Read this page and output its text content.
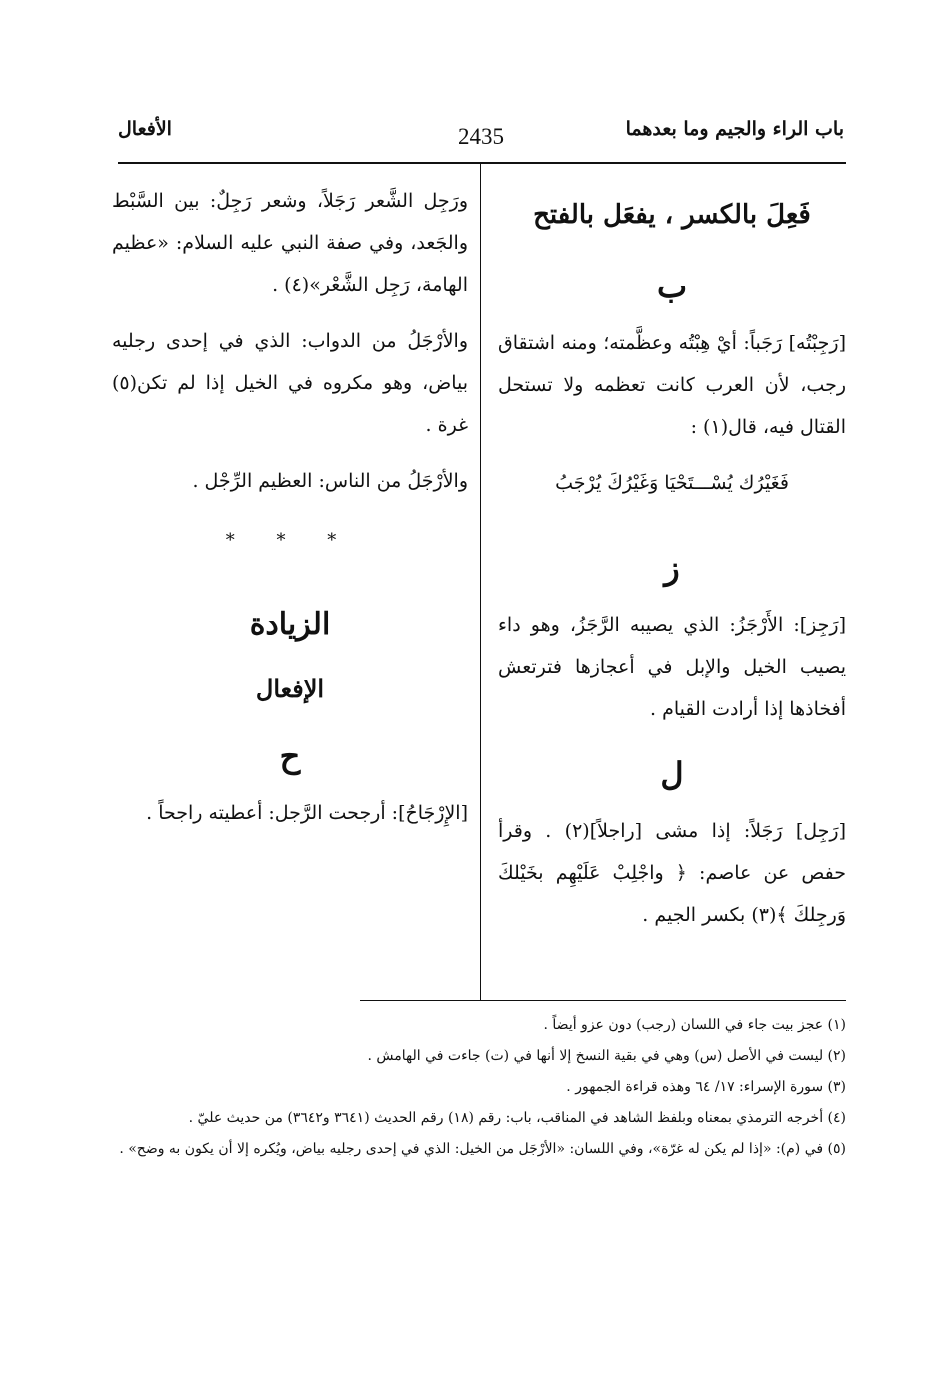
باب الراء والجيم وما بعدهما
2435
الأفعال

فَعِلَ بالكسر ، يفعَل بالفتح

ب

[رَجِبْتُه] رَجَباً: أيْ هِبْتُه وعظَّمته؛ ومنه اشتقاق رجب، لأن العرب كانت تعظمه ولا تستحل القتال فيه، قال(١) :

فَغَيْرُك يُسْـــتَحْيَا وَغَيْرُكَ يُرْجَبُ

ز

[رَجِز]: الأَرْجَزُ: الذي يصيبه الرَّجَزُ، وهو داء يصيب الخيل والإبل في أعجازها فترتعش أفخاذها إذا أرادت القيام .

ل

[رَجِل] رَجَلاً: إذا مشى [راجلاً](٢) . وقرأ حفص عن عاصم: ﴿ واجْلِبْ عَلَيْهِم بخَيْلكَ وَرجِلكَ ﴾(٣) بكسر الجيم .

ورَجِل الشَّعر رَجَلاً، وشعر رَجِلٌ: بين السَّبْط والجَعد، وفي صفة النبي عليه السلام: «عظيم الهامة، رَجِل الشَّعْر»(٤) .

والأرْجَلُ من الدواب: الذي في إحدى رجليه بياض، وهو مكروه في الخيل إذا لم تكن(٥) غرة .

والأرْجَلُ من الناس: العظيم الرِّجْل .

* * *

الزيادة

الإفعال

ح

[الإِرْجَاحُ]: أرجحت الرَّجل: أعطيته راجحاً .

(١) عجز بيت جاء في اللسان (رجب) دون عزو أيضاً .

(٢) ليست في الأصل (س) وهي في بقية النسخ إلا أنها في (ت) جاءت في الهامش .

(٣) سورة الإسراء: ١٧/ ٦٤ وهذه قراءة الجمهور .

(٤) أخرجه الترمذي بمعناه وبلفظ الشاهد في المناقب، باب: رقم (١٨) رقم الحديث (٣٦٤١ و٣٦٤٢) من حديث عليّ .

(٥) في (م): «إذا لم يكن له غرّة»، وفي اللسان: «الأرْجَل من الخيل: الذي في إحدى رجليه بياض، ويُكره إلا أن يكون به وضح» .
